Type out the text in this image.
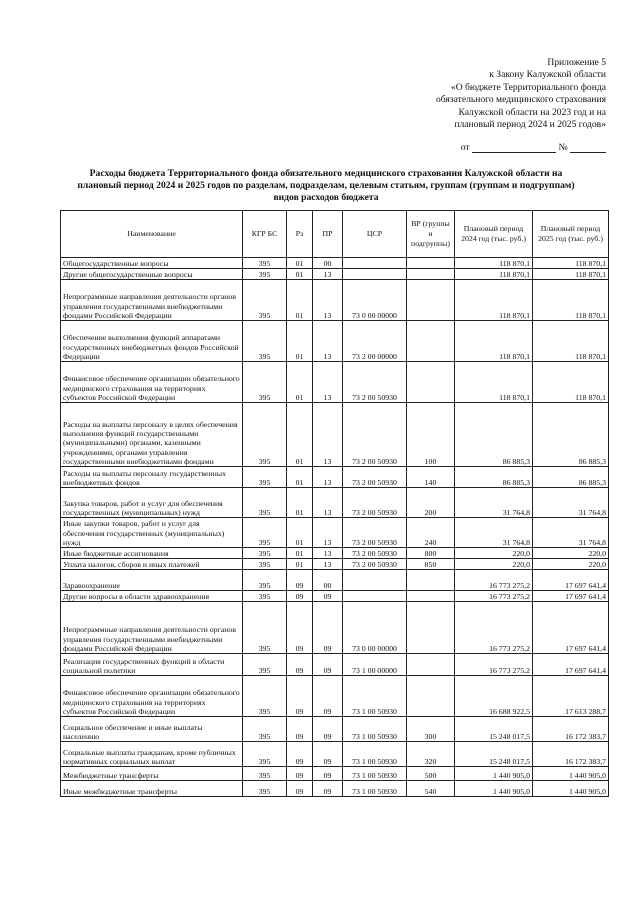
Приложение 5
к Закону Калужской области
«О бюджете Территориального фонда
обязательного медицинского страхования
Калужской области на 2023 год и на
плановый период 2024 и 2025 годов»
от	№
Расходы бюджета Территориального фонда обязательного медицинского страхования Калужской области на
плановый период 2024 и 2025 годов по разделам, подразделам, целевым статьям, группам (группам и подгруппам)
видов расходов бюджета
Наименование	КГР БС	Рз	ПР	ЦСР	ВР (группы и подгруппы)	Плановый период 2024 год (тыс. руб.)	Плановый период 2025 год (тыс. руб.)
Общегосударственные вопросы	395	01	00			118 870,1	118 870,1
Другие общегосударственные вопросы	395	01	13			118 870,1	118 870,1
Непрограммные направления деятельности органов управления государственными внебюджетными фондами Российской Федерации	395	01	13	73 0 00 00000		118 870,1	118 870,1
Обеспечение выполнения функций аппаратами государственных внебюджетных фондов Российской Федерации	395	01	13	73 2 00 00000		118 870,1	118 870,1
Финансовое обеспечение организации обязательного медицинского страхования на территориях субъектов Российской Федерации	395	01	13	73 2 00 50930		118 870,1	118 870,1
Расходы на выплаты персоналу в целях обеспечения выполнения функций государственными (муниципальными) органами, казенными учреждениями, органами управления государственными внебюджетными фондами	395	01	13	73 2 00 50930	100	86 885,3	86 885,3
Расходы на выплаты персоналу государственных внебюджетных фондов	395	01	13	73 2 00 50930	140	86 885,3	86 885,3
Закупка товаров, работ и услуг для обеспечения государственных (муниципальных) нужд	395	01	13	73 2 00 50930	200	31 764,8	31 764,8
Иные закупки товаров, работ и услуг для обеспечения государственных (муниципальных) нужд	395	01	13	73 2 00 50930	240	31 764,8	31 764,8
Иные бюджетные ассигнования	395	01	13	73 2 00 50930	800	220,0	220,0
Уплата налогов, сборов и иных платежей	395	01	13	73 2 00 50930	850	220,0	220,0
Здравоохранение	395	09	00			16 773 275,2	17 697 641,4
Другие вопросы в области здравоохранения	395	09	09			16 773 275,2	17 697 641,4
Непрограммные направления деятельности органов управления государственными внебюджетными фондами Российской Федерации	395	09	09	73 0 00 00000		16 773 275,2	17 697 641,4
Реализация государственных функций в области социальной политики	395	09	09	73 1 00 00000		16 773 275,2	17 697 641,4
Финансовое обеспечение организации обязательного медицинского страхования на территориях субъектов Российской Федерации	395	09	09	73 1 00 50930		16 688 922,5	17 613 288,7
Социальное обеспечение и иные выплаты населению	395	09	09	73 1 00 50930	300	15 248 017,5	16 172 383,7
Социальные выплаты гражданам, кроме публичных нормативных социальных выплат	395	09	09	73 1 00 50930	320	15 248 017,5	16 172 383,7
Межбюджетные трансферты	395	09	09	73 1 00 50930	500	1 440 905,0	1 440 905,0
Иные межбюджетные трансферты	395	09	09	73 1 00 50930	540	1 440 905,0	1 440 905,0
